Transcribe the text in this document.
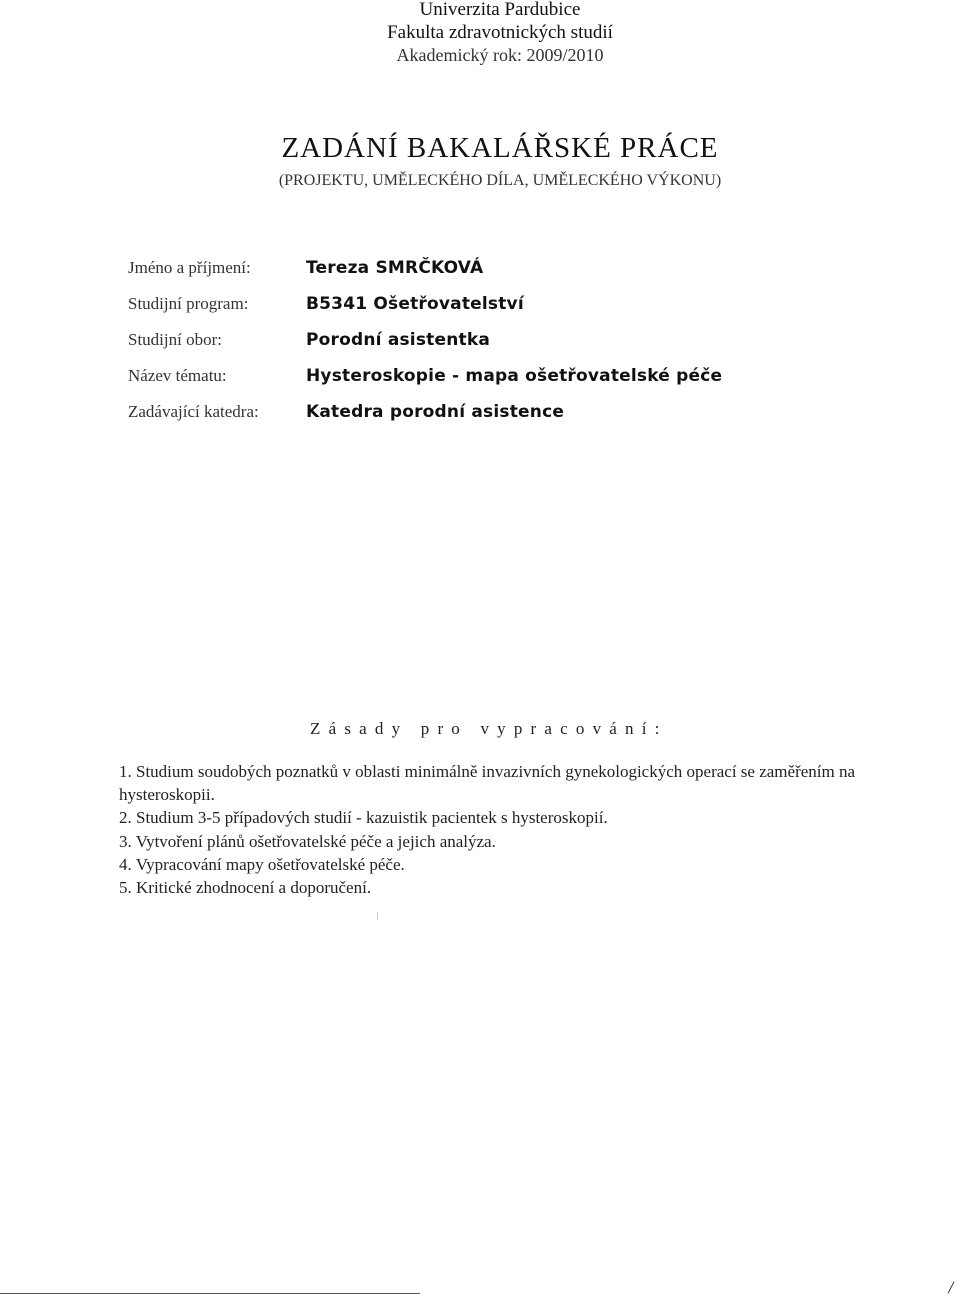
Univerzita Pardubice
Fakulta zdravotnických studií
Akademický rok: 2009/2010
ZADÁNÍ BAKALÁŘSKÉ PRÁCE
(PROJEKTU, UMĚLECKÉHO DÍLA, UMĚLECKÉHO VÝKONU)
Jméno a příjmení:	Tereza SMRČKOVÁ
Studijní program:	B5341 Ošetřovatelství
Studijní obor:	Porodní asistentka
Název tématu:	Hysteroskopie - mapa ošetřovatelské péče
Zadávající katedra:	Katedra porodní asistence
Zásady pro vypracování:

1. Studium soudobých poznatků v oblasti minimálně invazivních gynekologických operací se zaměřením na hysteroskopii.

2. Studium 3-5 případových studií - kazuistik pacientek s hysteroskopií.

3. Vytvoření plánů ošetřovatelské péče a jejich analýza.

4. Vypracování mapy ošetřovatelské péče.

5. Kritické zhodnocení a doporučení.

╱
